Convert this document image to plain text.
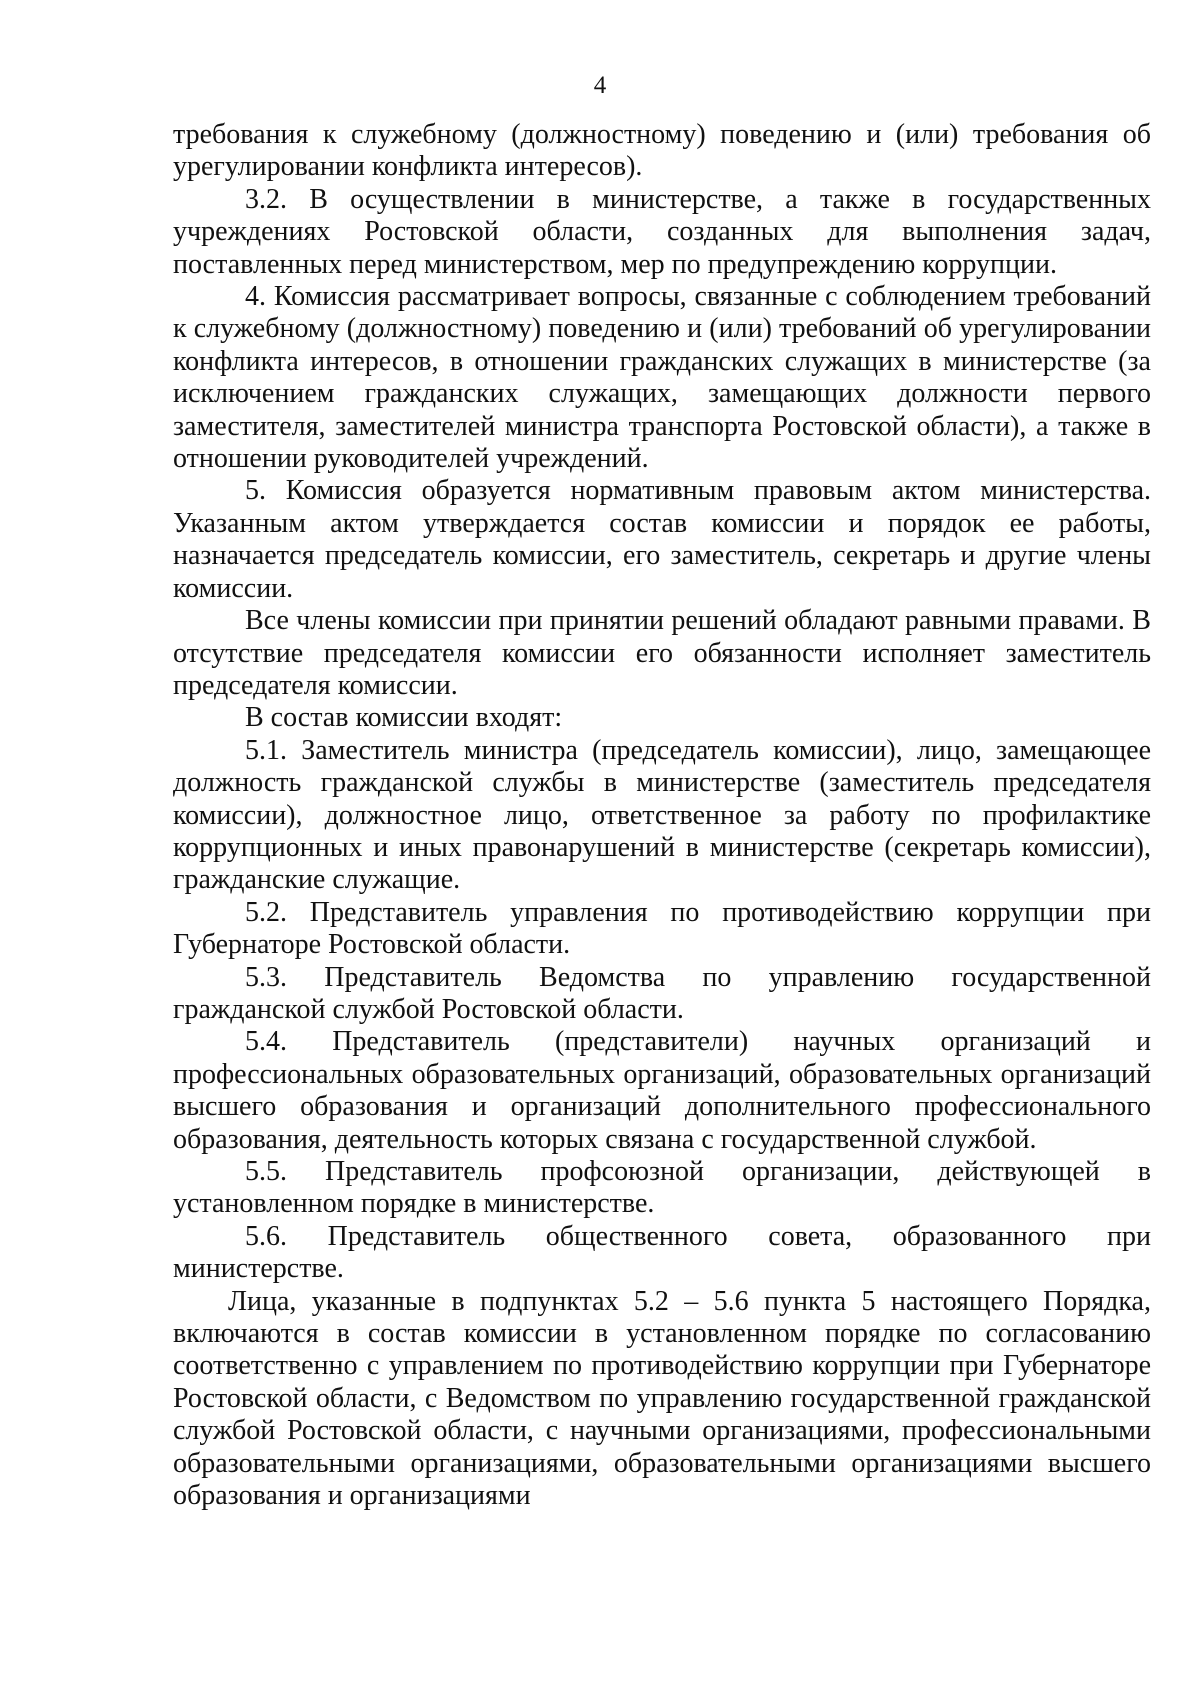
4

требования к служебному (должностному) поведению и (или) требования об урегулировании конфликта интересов).

3.2. В осуществлении в министерстве, а также в государственных учреждениях Ростовской области, созданных для выполнения задач, поставленных перед министерством, мер по предупреждению коррупции.

4. Комиссия рассматривает вопросы, связанные с соблюдением требований к служебному (должностному) поведению и (или) требований об урегулировании конфликта интересов, в отношении гражданских служащих в министерстве (за исключением гражданских служащих, замещающих должности первого заместителя, заместителей министра транспорта Ростовской области), а также в отношении руководителей учреждений.

5. Комиссия образуется нормативным правовым актом министерства. Указанным актом утверждается состав комиссии и порядок ее работы, назначается председатель комиссии, его заместитель, секретарь и другие члены комиссии.

Все члены комиссии при принятии решений обладают равными правами. В отсутствие председателя комиссии его обязанности исполняет заместитель председателя комиссии.

В состав комиссии входят:

5.1. Заместитель министра (председатель комиссии), лицо, замещающее должность гражданской службы в министерстве (заместитель председателя комиссии), должностное лицо, ответственное за работу по профилактике коррупционных и иных правонарушений в министерстве (секретарь комиссии), гражданские служащие.

5.2. Представитель управления по противодействию коррупции при Губернаторе Ростовской области.

5.3. Представитель Ведомства по управлению государственной гражданской службой Ростовской области.

5.4. Представитель (представители) научных организаций и профессиональных образовательных организаций, образовательных организаций высшего образования и организаций дополнительного профессионального образования, деятельность которых связана с государственной службой.

5.5. Представитель профсоюзной организации, действующей в установленном порядке в министерстве.

5.6. Представитель общественного совета, образованного при министерстве.

Лица, указанные в подпунктах 5.2 – 5.6 пункта 5 настоящего Порядка, включаются в состав комиссии в установленном порядке по согласованию соответственно с управлением по противодействию коррупции при Губернаторе Ростовской области, с Ведомством по управлению государственной гражданской службой Ростовской области, с научными организациями, профессиональными образовательными организациями, образовательными организациями высшего образования и организациями
